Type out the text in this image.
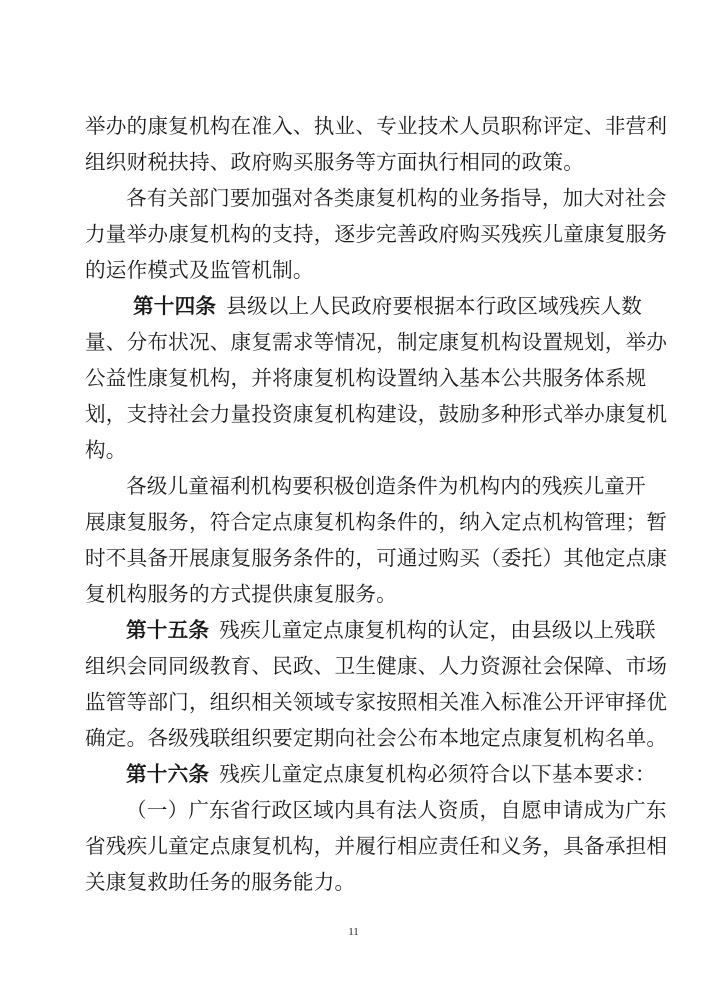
举办的康复机构在准入、执业、专业技术人员职称评定、非营利

组织财税扶持、政府购买服务等方面执行相同的政策。

各有关部门要加强对各类康复机构的业务指导，加大对社会

力量举办康复机构的支持，逐步完善政府购买残疾儿童康复服务

的运作模式及监管机制。

第十四条 县级以上人民政府要根据本行政区域残疾人数

量、分布状况、康复需求等情况，制定康复机构设置规划，举办

公益性康复机构，并将康复机构设置纳入基本公共服务体系规

划，支持社会力量投资康复机构建设，鼓励多种形式举办康复机

构。

各级儿童福利机构要积极创造条件为机构内的残疾儿童开

展康复服务，符合定点康复机构条件的，纳入定点机构管理；暂

时不具备开展康复服务条件的，可通过购买（委托）其他定点康

复机构服务的方式提供康复服务。

第十五条 残疾儿童定点康复机构的认定，由县级以上残联

组织会同同级教育、民政、卫生健康、人力资源社会保障、市场

监管等部门，组织相关领域专家按照相关准入标准公开评审择优

确定。各级残联组织要定期向社会公布本地定点康复机构名单。

第十六条 残疾儿童定点康复机构必须符合以下基本要求：

（一）广东省行政区域内具有法人资质，自愿申请成为广东

省残疾儿童定点康复机构，并履行相应责任和义务，具备承担相

关康复救助任务的服务能力。

11
